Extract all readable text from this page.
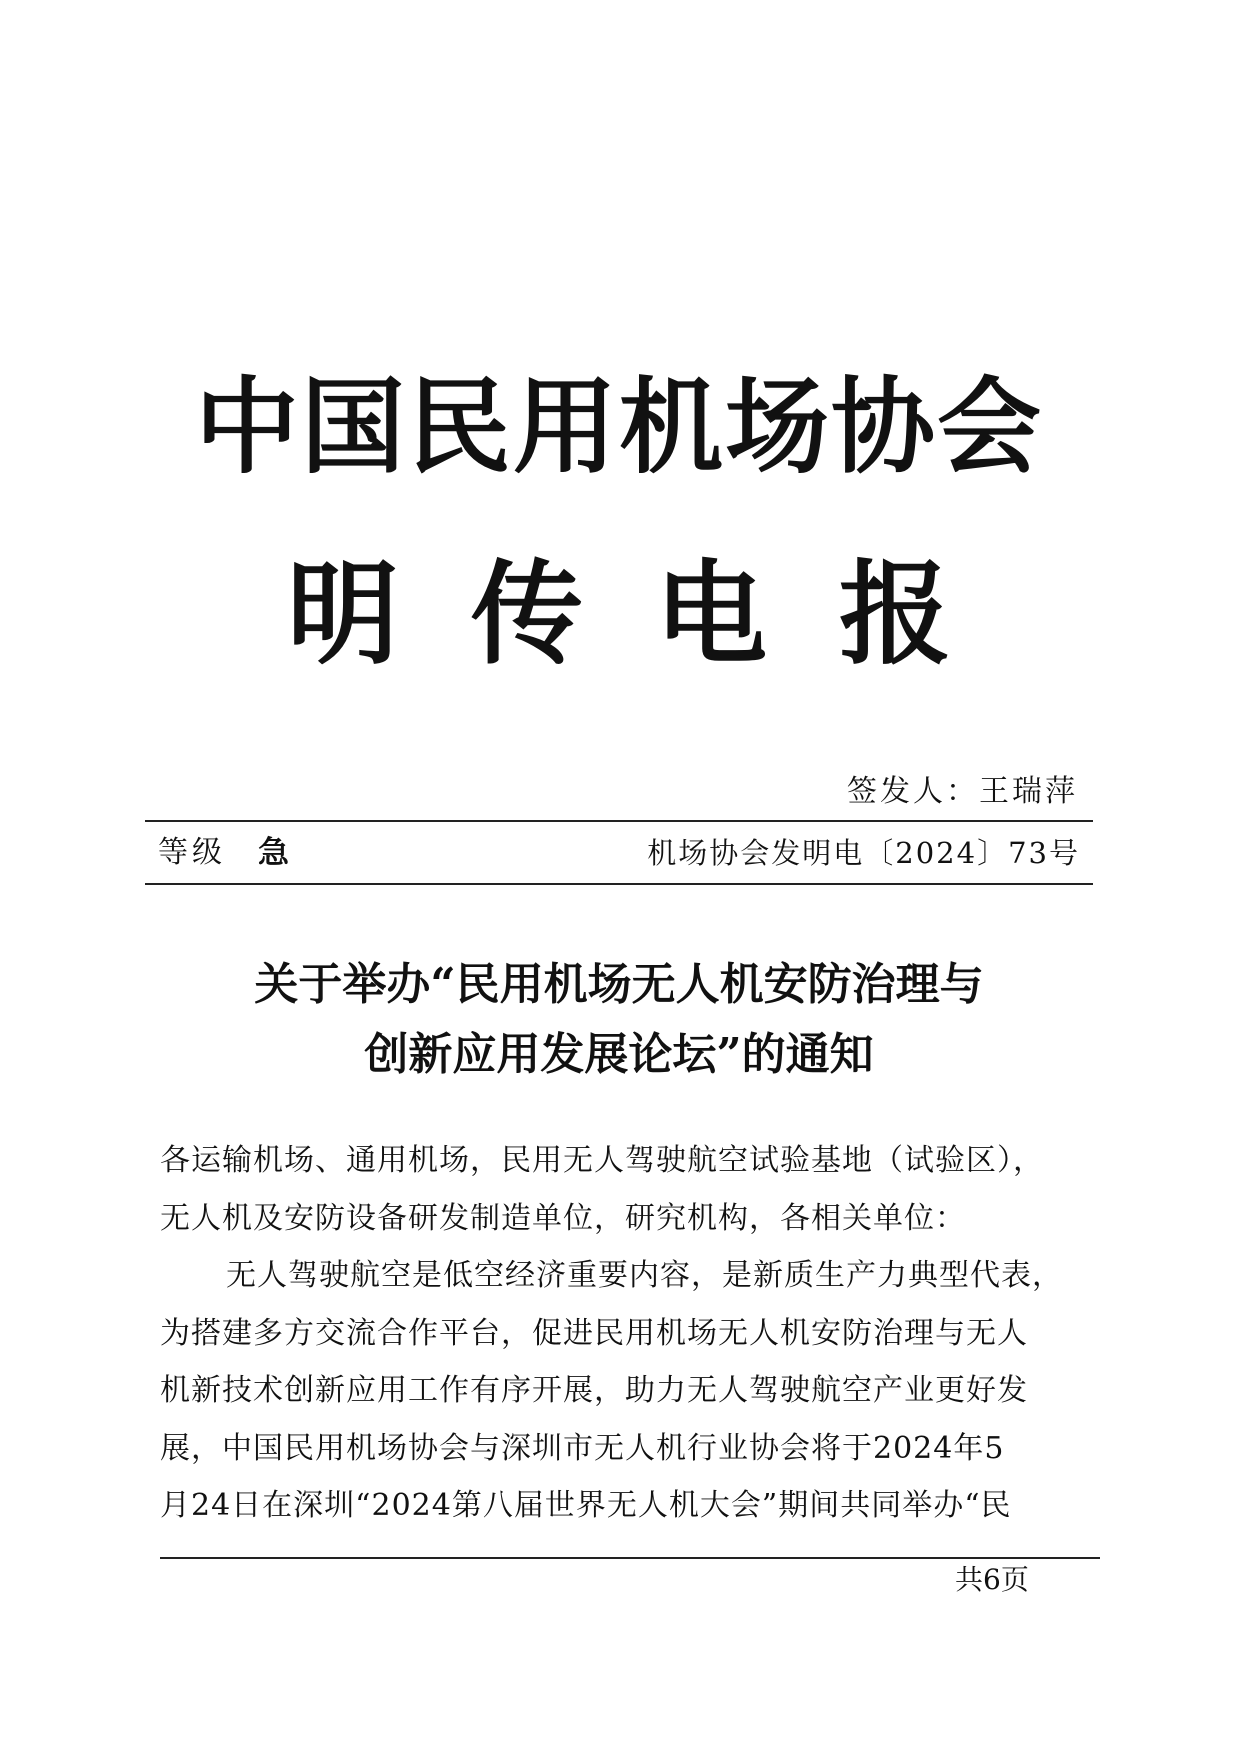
中国民用机场协会
明传电报
签发人：王瑞萍
等级 急	机场协会发明电〔2024〕73号
关于举办“民用机场无人机安防治理与
创新应用发展论坛”的通知
各运输机场、通用机场，民用无人驾驶航空试验基地（试验区），
无人机及安防设备研发制造单位，研究机构，各相关单位：
无人驾驶航空是低空经济重要内容，是新质生产力典型代表，
为搭建多方交流合作平台，促进民用机场无人机安防治理与无人
机新技术创新应用工作有序开展，助力无人驾驶航空产业更好发
展，中国民用机场协会与深圳市无人机行业协会将于2024年5
月24日在深圳“2024第八届世界无人机大会”期间共同举办“民
共6页
